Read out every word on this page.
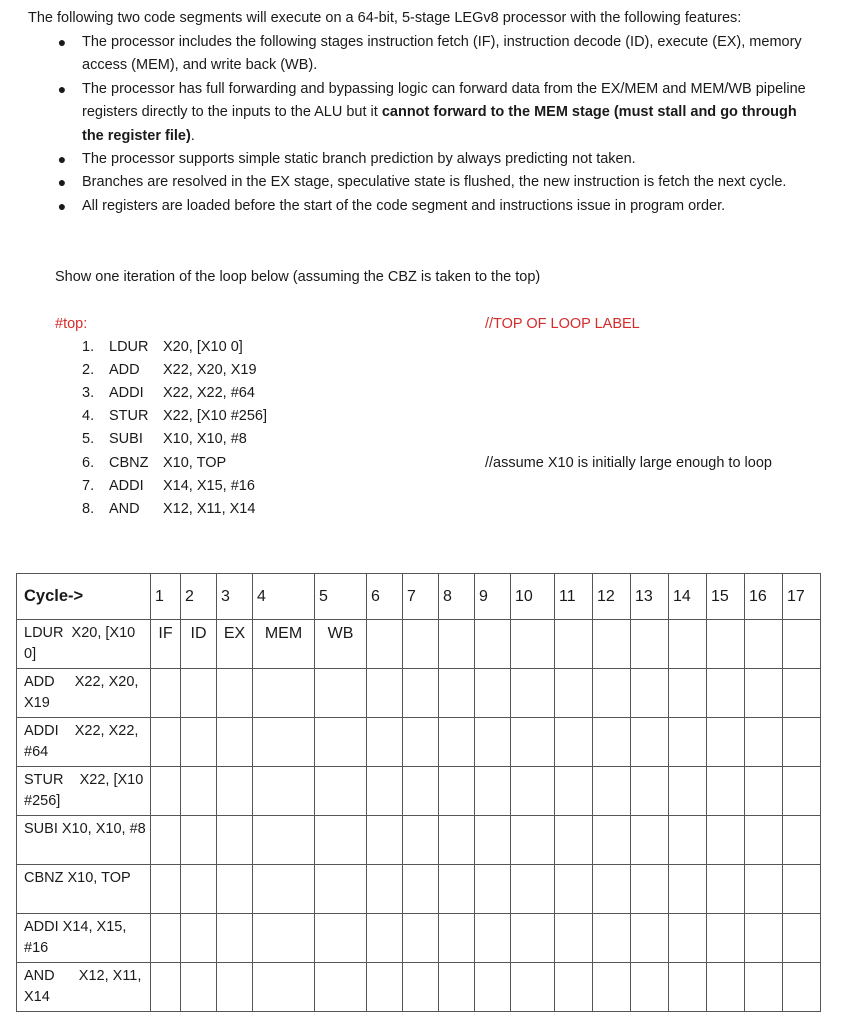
The following two code segments will execute on a 64-bit, 5-stage LEGv8 processor with the following features:
● The processor includes the following stages instruction fetch (IF), instruction decode (ID), execute (EX), memory access (MEM), and write back (WB).
● The processor has full forwarding and bypassing logic can forward data from the EX/MEM and MEM/WB pipeline registers directly to the inputs to the ALU but it cannot forward to the MEM stage (must stall and go through the register file).
● The processor supports simple static branch prediction by always predicting not taken.
● Branches are resolved in the EX stage, speculative state is flushed, the new instruction is fetch the next cycle.
● All registers are loaded before the start of the code segment and instructions issue in program order.
Show one iteration of the loop below (assuming the CBZ is taken to the top)
#top:	//TOP OF LOOP LABEL
//assume X10 is initially large enough to loop
1. LDUR X20, [X10 0]
2. ADD X22, X20, X19
3. ADDI X22, X22, #64
4. STUR X22, [X10 #256]
5. SUBI X10, X10, #8
6. CBNZ X10, TOP
7. ADDI X14, X15, #16
8. AND X12, X11, X14
Cycle->	1	2	3	4	5	6	7	8	9	10	11	12	13	14	15	16	17

LDUR  X20, [X10
0]	IF	ID	EX	MEM	WB												

ADD     X22, X20,
X19																	

ADDI    X22, X22,
#64																	

STUR    X22, [X10
#256]																	

SUBI X10, X10, #8																	

CBNZ X10, TOP																	

ADDI X14, X15,
#16																	

AND      X12, X11,
X14																	
